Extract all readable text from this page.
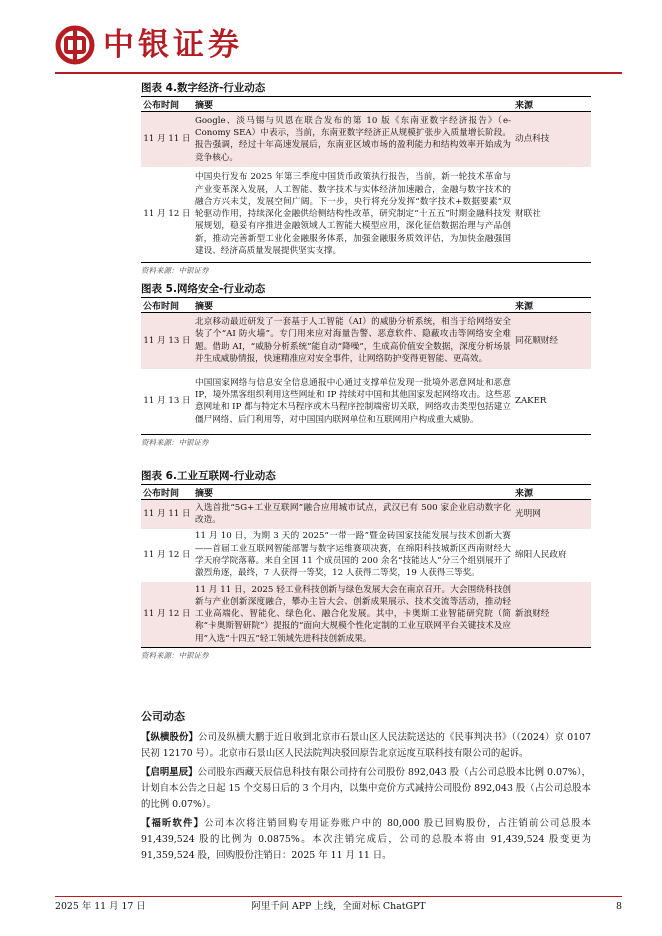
中银证券
图表 4.数字经济-行业动态
公布时间	摘要	来源
11 月 11 日	Google、淡马锡与贝恩在联合发布的第 10 版《东南亚数字经济报告》（e-Conomy SEA）中表示，当前，东南亚数字经济正从规模扩张步入质量增长阶段。报告强调，经过十年高速发展后，东南亚区域市场的盈利能力和结构效率开始成为竞争核心。	动点科技
11 月 12 日	中国央行发布 2025 年第三季度中国货币政策执行报告，当前，新一轮技术革命与产业变革深入发展，人工智能、数字技术与实体经济加速融合，金融与数字技术的融合方兴未艾，发展空间广阔。下一步，央行将充分发挥“数字技术+数据要素”双轮驱动作用，持续深化金融供给侧结构性改革，研究制定“十五五”时期金融科技发展规划，稳妥有序推进金融领域人工智能大模型应用，深化征信数据治理与产品创新，推动完善新型工业化金融服务体系，加强金融服务质效评估，为加快金融强国建设、经济高质量发展提供坚实支撑。	财联社
资料来源：中银证券
图表 5.网络安全-行业动态
公布时间	摘要	来源
11 月 13 日	北京移动最近研发了一套基于人工智能（AI）的威胁分析系统，相当于给网络安全装了个“AI 防火墙”。专门用来应对海量告警、恶意软件、隐蔽攻击等网络安全难题。借助 AI，“威胁分析系统”能自动“降噪”，生成高价值安全数据，深度分析场景并生成威胁情报，快速精准应对安全事件，让网络防护变得更智能、更高效。	同花顺财经
11 月 13 日	中国国家网络与信息安全信息通报中心通过支撑单位发现一批境外恶意网址和恶意 IP，境外黑客组织利用这些网址和 IP 持续对中国和其他国家发起网络攻击。这些恶意网址和 IP 都与特定木马程序或木马程序控制端密切关联，网络攻击类型包括建立僵尸网络、后门利用等，对中国国内联网单位和互联网用户构成重大威胁。	ZAKER
资料来源：中银证券
图表 6.工业互联网-行业动态
公布时间	摘要	来源
11 月 11 日	入选首批“5G+工业互联网”融合应用城市试点，武汉已有 500 家企业启动数字化改造。	光明网
11 月 12 日	11 月 10 日，为期 3 天的 2025“一带一路”暨金砖国家技能发展与技术创新大赛——首届工业互联网智能部署与数字运维赛项决赛，在绵阳科技城新区西南财经大学天府学院落幕。来自全国 11 个成员国的 200 余名“技能达人”分三个组别展开了激烈角逐，最终，7 人获得一等奖，12 人获得二等奖，19 人获得三等奖。	绵阳人民政府
11 月 12 日	11 月 11 日，2025 轻工业科技创新与绿色发展大会在南京召开。大会围绕科技创新与产业创新深度融合，攀办主旨大会、创新成果展示、技术交流等活动，推动轻工业高端化、智能化、绿色化、融合化发展。其中，卡奥斯工业智能研究院（简称“卡奥斯智研院”）提报的“面向大规模个性化定制的工业互联网平台关键技术及应用”入选“十四五”轻工领域先进科技创新成果。	新浪财经
资料来源：中银证券
公司动态

【纵横股份】公司及纵横大鹏于近日收到北京市石景山区人民法院送达的《民事判决书》（（2024）京 0107 民初 12170 号）。北京市石景山区人民法院判决驳回原告北京远度互联科技有限公司的起诉。

【启明星辰】公司股东西藏天辰信息科技有限公司持有公司股份 892,043 股（占公司总股本比例 0.07%），计划自本公告之日起 15 个交易日后的 3 个月内，以集中竞价方式减持公司股份 892,043 股（占公司总股本的比例 0.07%）。

【福昕软件】公司本次将注销回购专用证券账户中的 80,000 股已回购股份，占注销前公司总股本 91,439,524 股的比例为 0.0875%。本次注销完成后，公司的总股本将由 91,439,524 股变更为 91,359,524 股，回购股份注销日：2025 年 11 月 11 日。

2025 年 11 月 17 日	阿里千问 APP 上线，全面对标 ChatGPT	8
